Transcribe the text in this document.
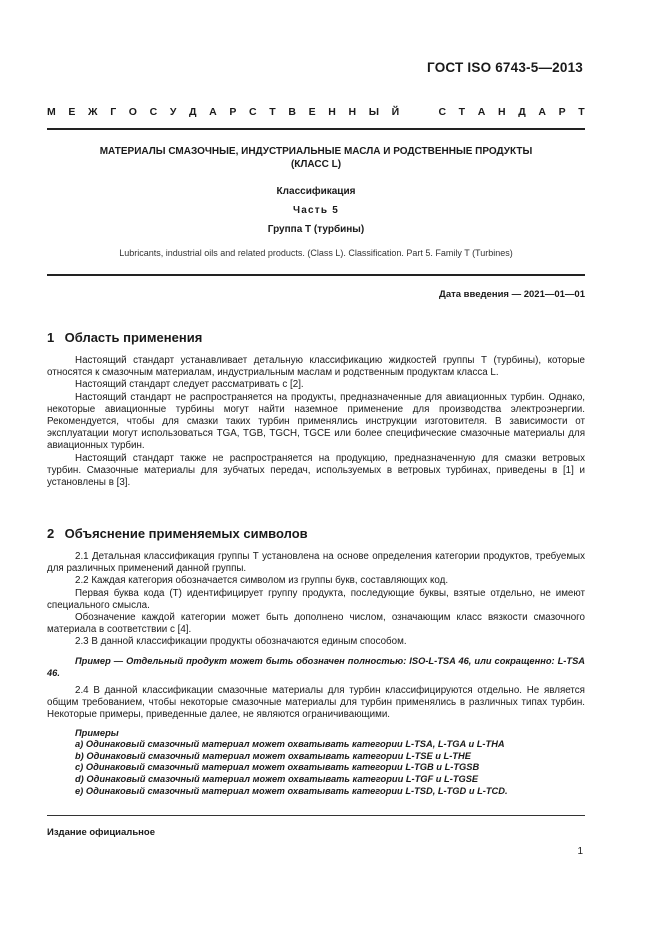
ГОСТ ISO 6743-5—2013
М Е Ж Г О С У Д А Р С Т В Е Н Н Ы Й	С Т А Н Д А Р Т
МАТЕРИАЛЫ СМАЗОЧНЫЕ, ИНДУСТРИАЛЬНЫЕ МАСЛА И РОДСТВЕННЫЕ ПРОДУКТЫ
(КЛАСС L)
Классификация
Часть 5
Группа Т (турбины)
Lubricants, industrial oils and related products. (Class L). Classification. Part 5. Family T (Turbines)
Дата введения — 2021—01—01

1 Область применения

Настоящий стандарт устанавливает детальную классификацию жидкостей группы Т (турбины), которые относятся к смазочным материалам, индустриальным маслам и родственным продуктам класса L.

Настоящий стандарт следует рассматривать с [2].

Настоящий стандарт не распространяется на продукты, предназначенные для авиационных турбин. Однако, некоторые авиационные турбины могут найти наземное применение для производства электроэнергии. Рекомендуется, чтобы для смазки таких турбин применялись инструкции изготовителя. В зависимости от эксплуатации могут использоваться TGA, TGB, TGCH, TGCE или более специфические смазочные материалы для авиационных турбин.

Настоящий стандарт также не распространяется на продукцию, предназначенную для смазки ветровых турбин. Смазочные материалы для зубчатых передач, используемых в ветровых турбинах, приведены в [1] и установлены в [3].

2 Объяснение применяемых символов

2.1 Детальная классификация группы Т установлена на основе определения категории продуктов, требуемых для различных применений данной группы.

2.2 Каждая категория обозначается символом из группы букв, составляющих код.

Первая буква кода (Т) идентифицирует группу продукта, последующие буквы, взятые отдельно, не имеют специального смысла.

Обозначение каждой категории может быть дополнено числом, означающим класс вязкости смазочного материала в соответствии с [4].

2.3 В данной классификации продукты обозначаются единым способом.

Пример — Отдельный продукт может быть обозначен полностью: ISO-L-TSA 46, или сокращенно: L-TSA 46.

2.4 В данной классификации смазочные материалы для турбин классифицируются отдельно. Не является общим требованием, чтобы некоторые смазочные материалы для турбин применялись в различных типах турбин. Некоторые примеры, приведенные далее, не являются ограничивающими.

Примеры
a) Одинаковый смазочный материал может охватывать категории L-TSA, L-TGA и L-THA
b) Одинаковый смазочный материал может охватывать категории L-TSE и L-THE
c) Одинаковый смазочный материал может охватывать категории L-TGB и L-TGSB
d) Одинаковый смазочный материал может охватывать категории L-TGF и L-TGSE
e) Одинаковый смазочный материал может охватывать категории L-TSD, L-TGD и L-TCD.
Издание официальное
1
